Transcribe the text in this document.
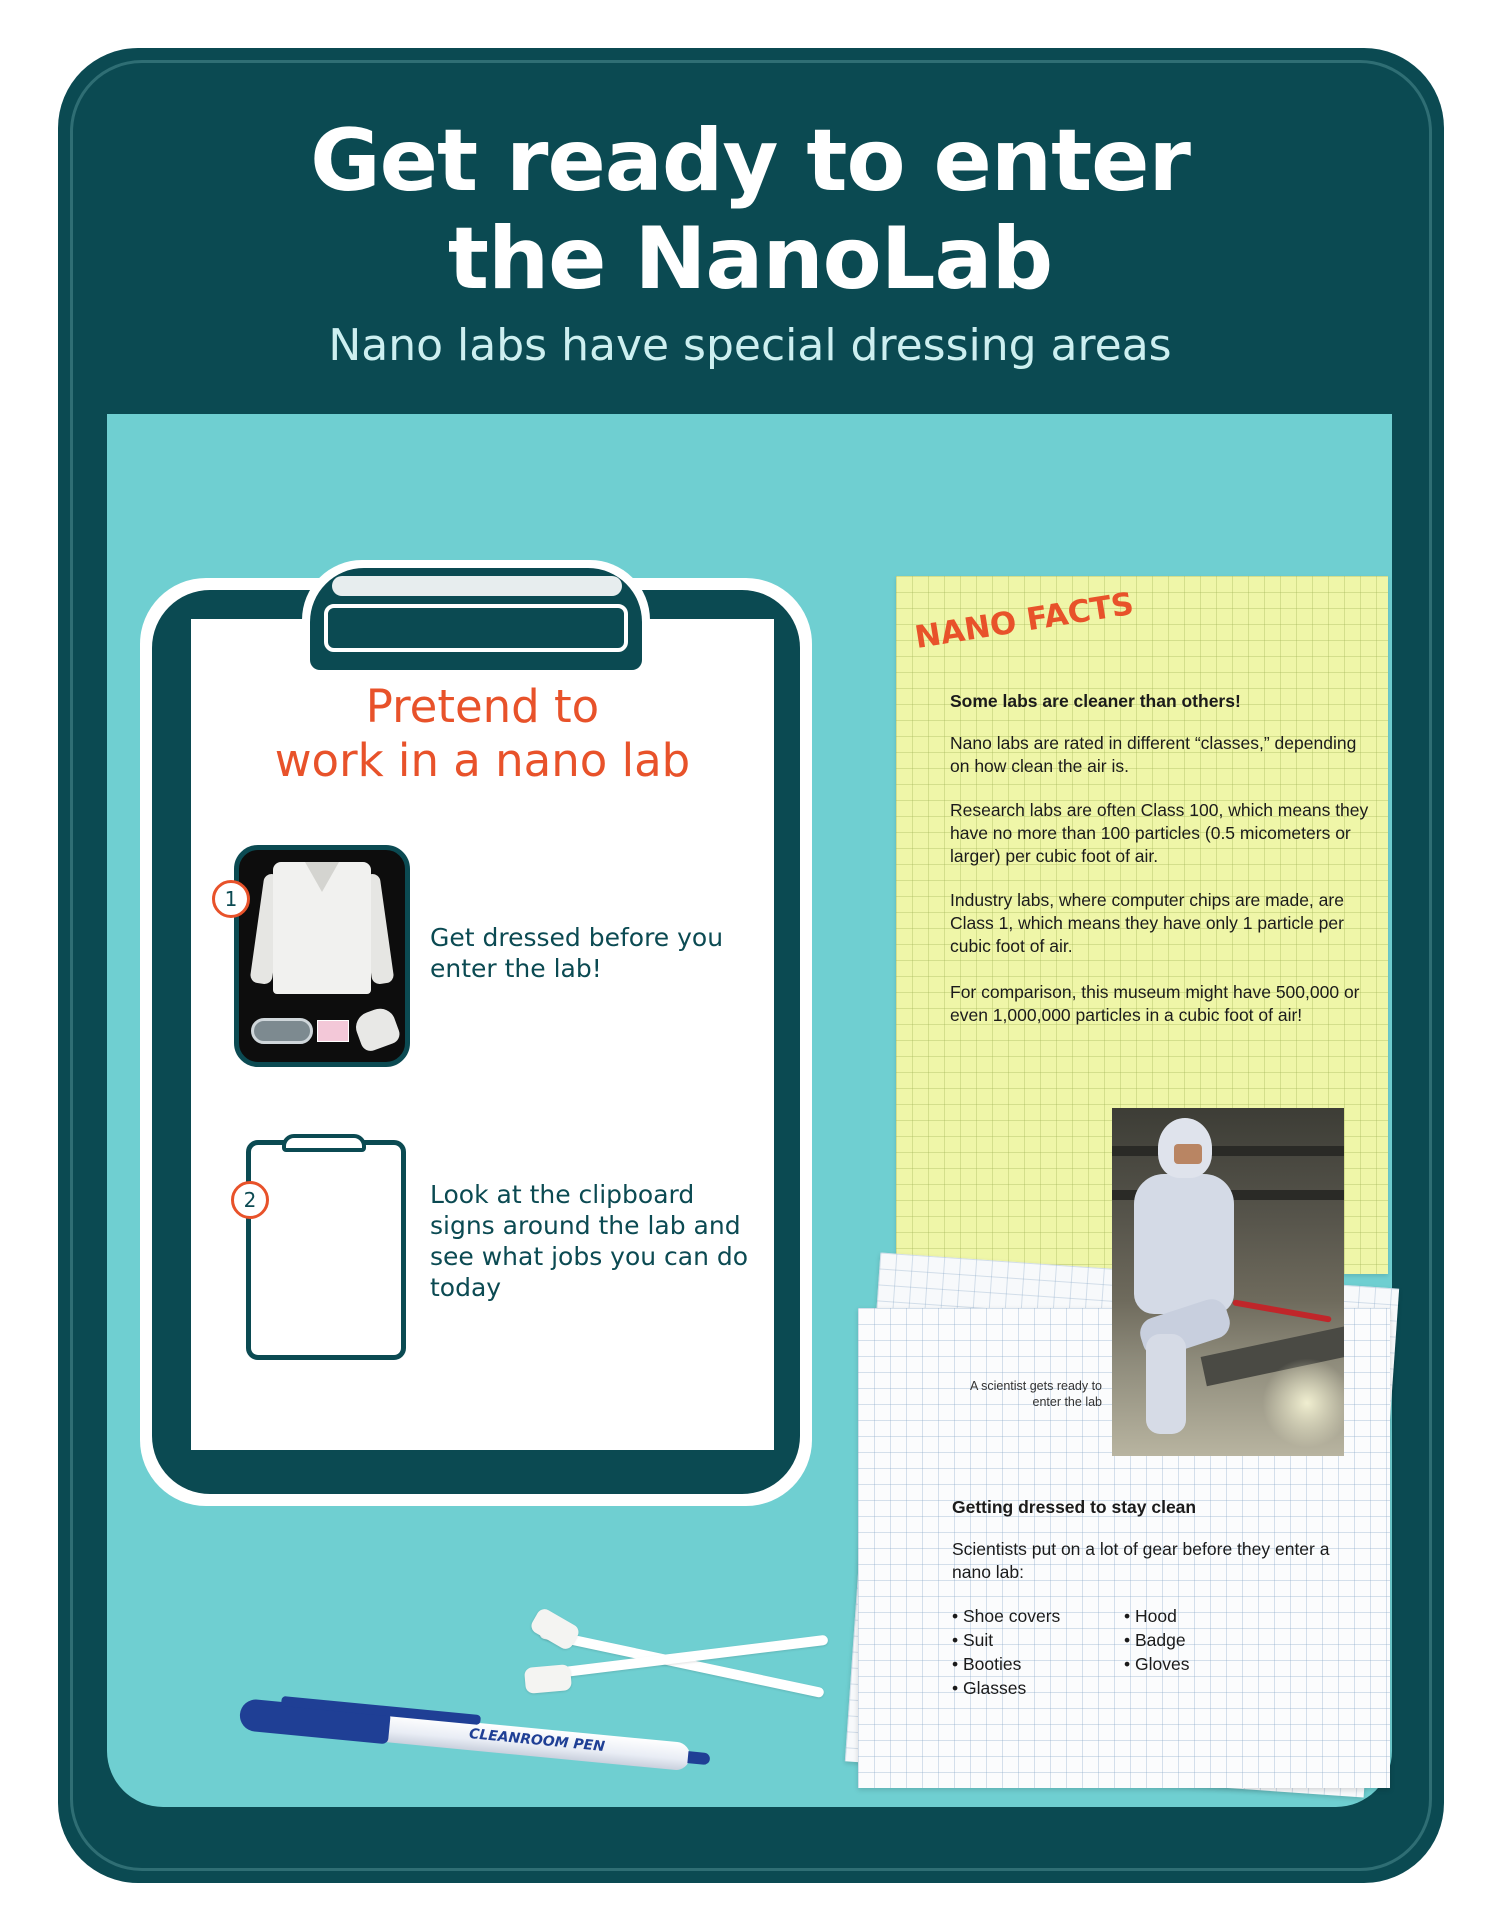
Get ready to enter
the NanoLab
Nano labs have special dressing areas
Pretend to
work in a nano lab
1

Get dressed before you enter the lab!

2	Look at the clipboard signs around the lab and see what jobs you can do today

NANO FACTS

Some labs are cleaner than others!

Nano labs are rated in different “classes,” depending on how clean the air is.

Research labs are often Class 100, which means they have no more than 100 particles (0.5 micometers or larger) per cubic foot of air.

Industry labs, where computer chips are made, are Class 1, which means they have only 1 particle per cubic foot of air.

For comparison, this museum might have 500,000 or even 1,000,000 particles in a cubic foot of air!

A scientist gets ready to enter the lab

Getting dressed to stay clean

Scientists put on a lot of gear before they enter a nano lab:

• Shoe covers
• Suit
• Booties
• Glasses
• Hood
• Badge
• Gloves
CLEANROOM PEN
